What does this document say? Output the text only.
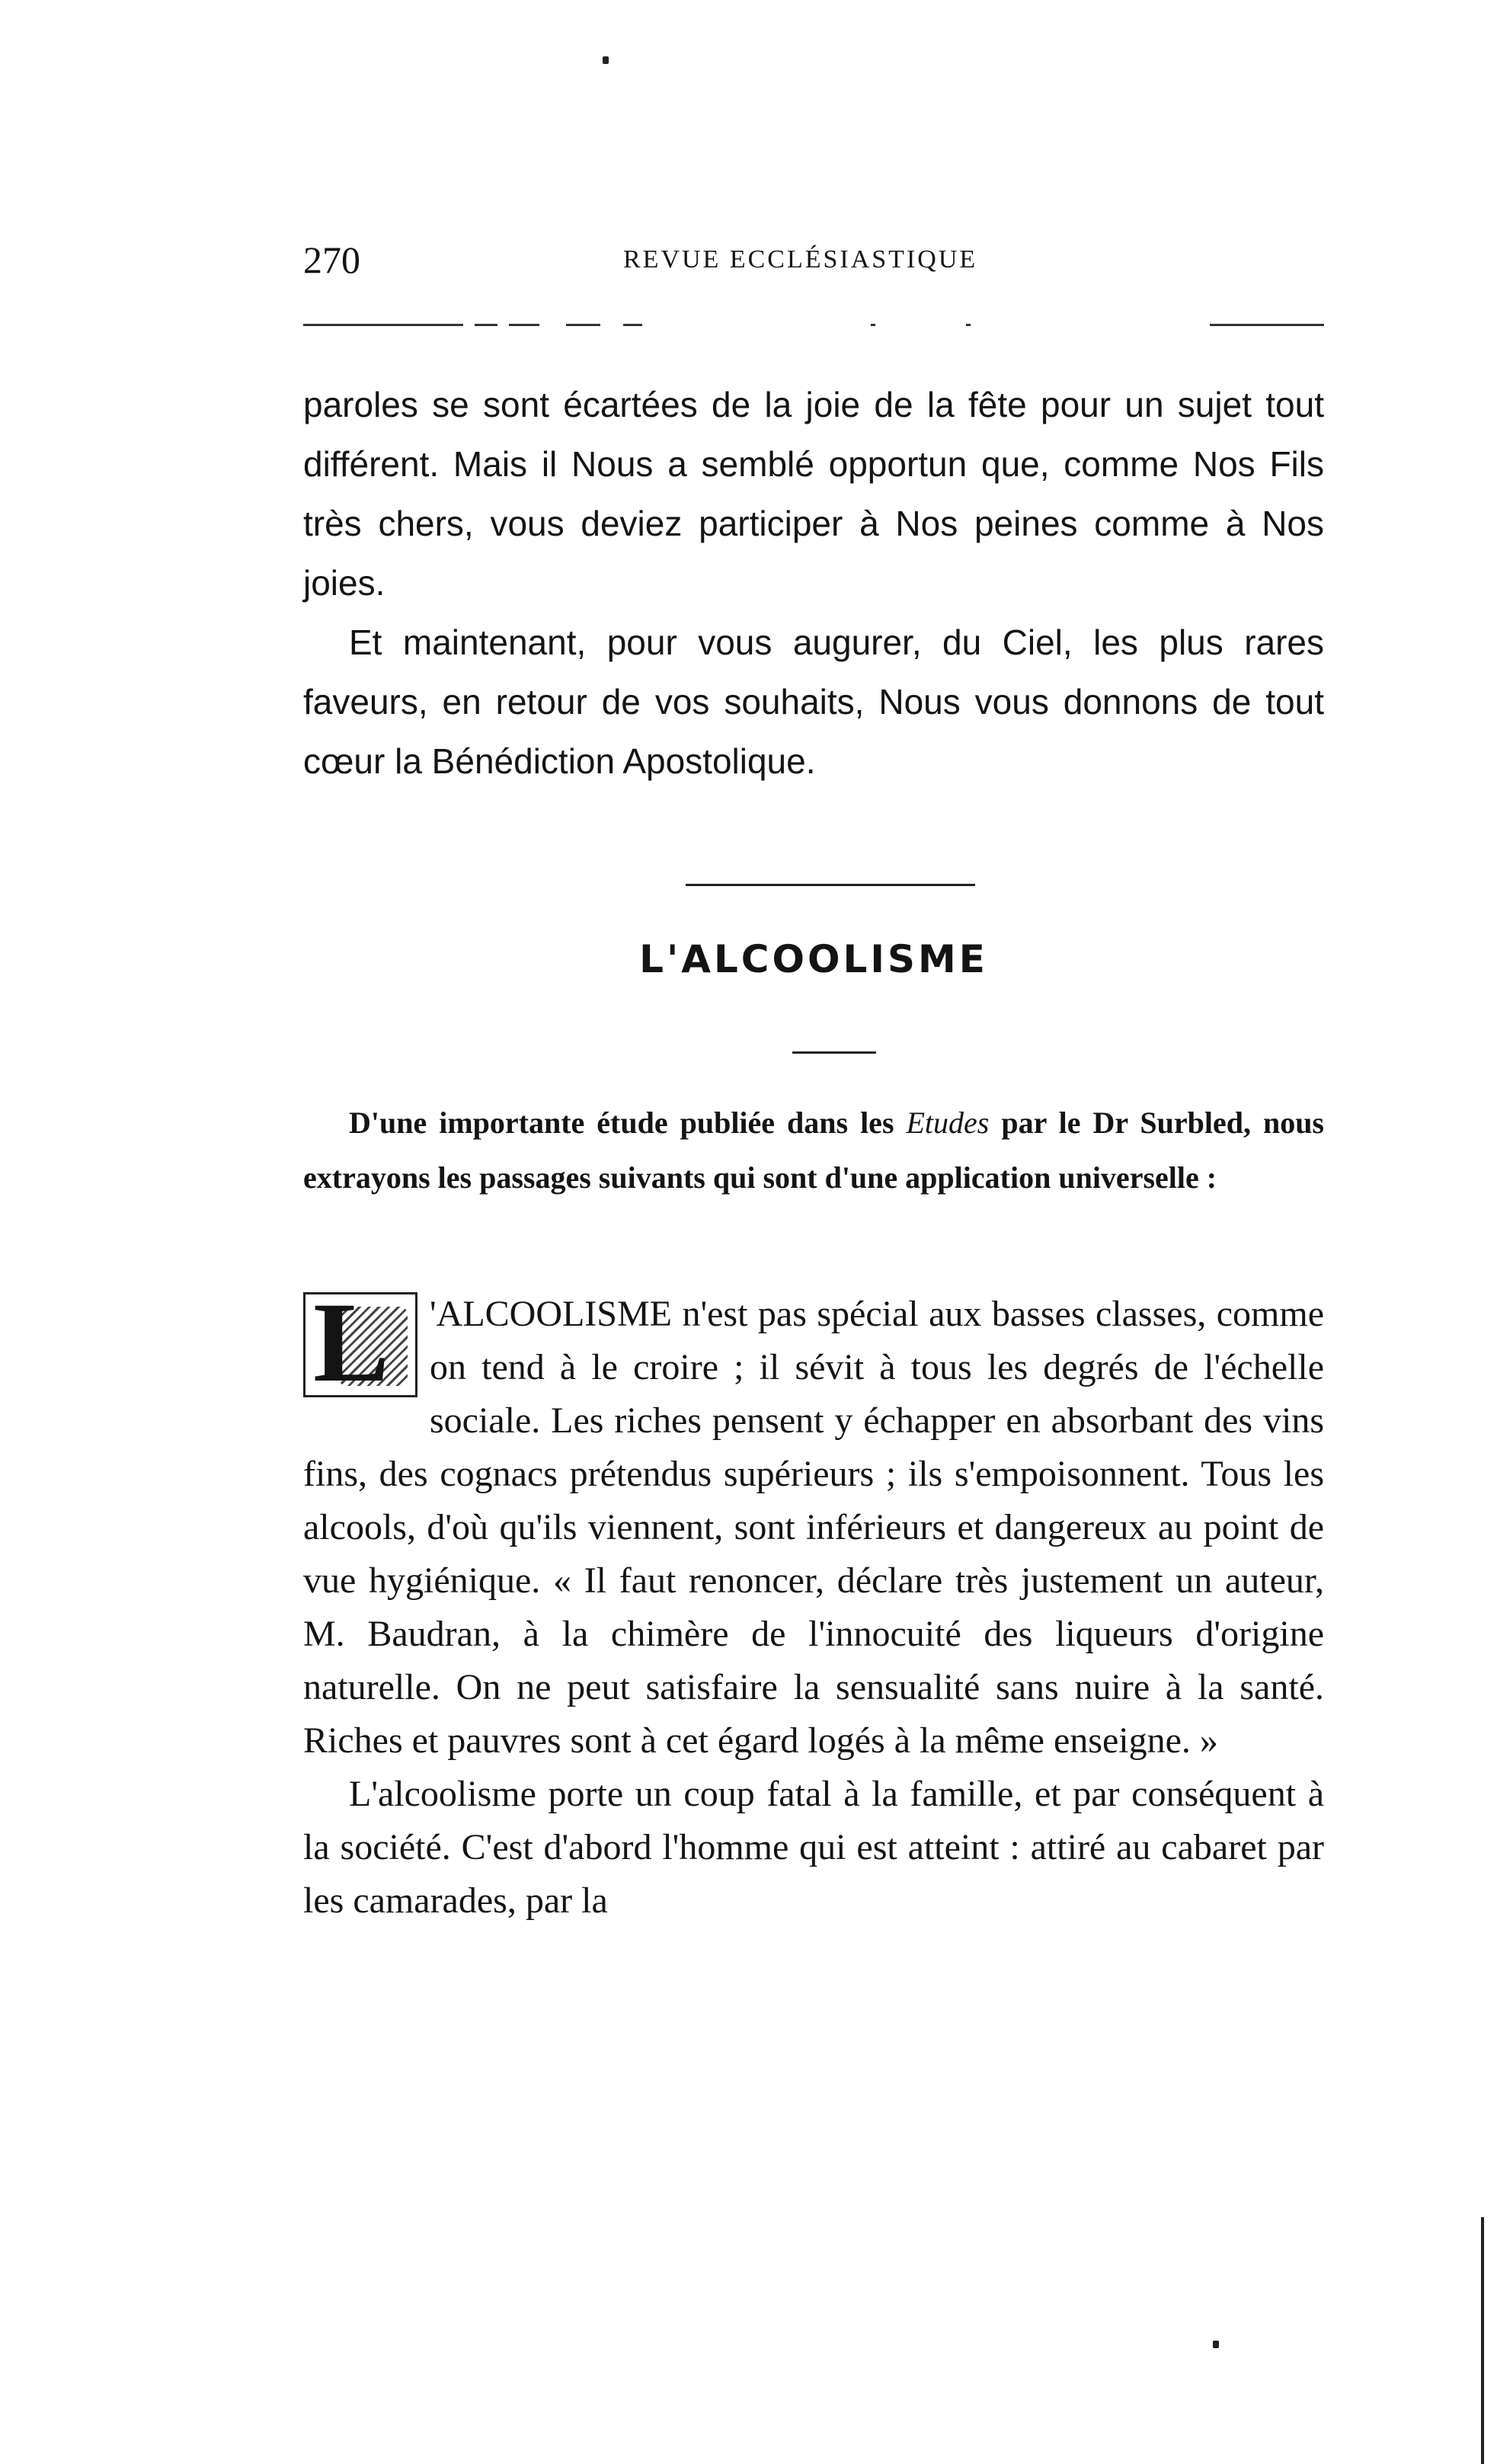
270	REVUE ECCLÉSIASTIQUE

paroles se sont écartées de la joie de la fête pour un sujet tout différent. Mais il Nous a semblé opportun que, comme Nos Fils très chers, vous deviez participer à Nos peines comme à Nos joies.

Et maintenant, pour vous augurer, du Ciel, les plus rares faveurs, en retour de vos souhaits, Nous vous donnons de tout cœur la Bénédiction Apostolique.

L'ALCOOLISME
D'une importante étude publiée dans les Etudes par le Dr Surbled, nous extrayons les passages suivants qui sont d'une application universelle :

L 'ALCOOLISME n'est pas spécial aux basses classes, comme on tend à le croire ; il sévit à tous les degrés de l'échelle sociale. Les riches pensent y échapper en absorbant des vins fins, des cognacs prétendus supérieurs ; ils s'empoisonnent. Tous les alcools, d'où qu'ils viennent, sont inférieurs et dangereux au point de vue hygiénique. « Il faut renoncer, déclare très justement un auteur, M. Baudran, à la chimère de l'innocuité des liqueurs d'origine naturelle. On ne peut satisfaire la sensualité sans nuire à la santé. Riches et pauvres sont à cet égard logés à la même enseigne. »

L'alcoolisme porte un coup fatal à la famille, et par conséquent à la société. C'est d'abord l'homme qui est atteint : attiré au cabaret par les camarades, par la
